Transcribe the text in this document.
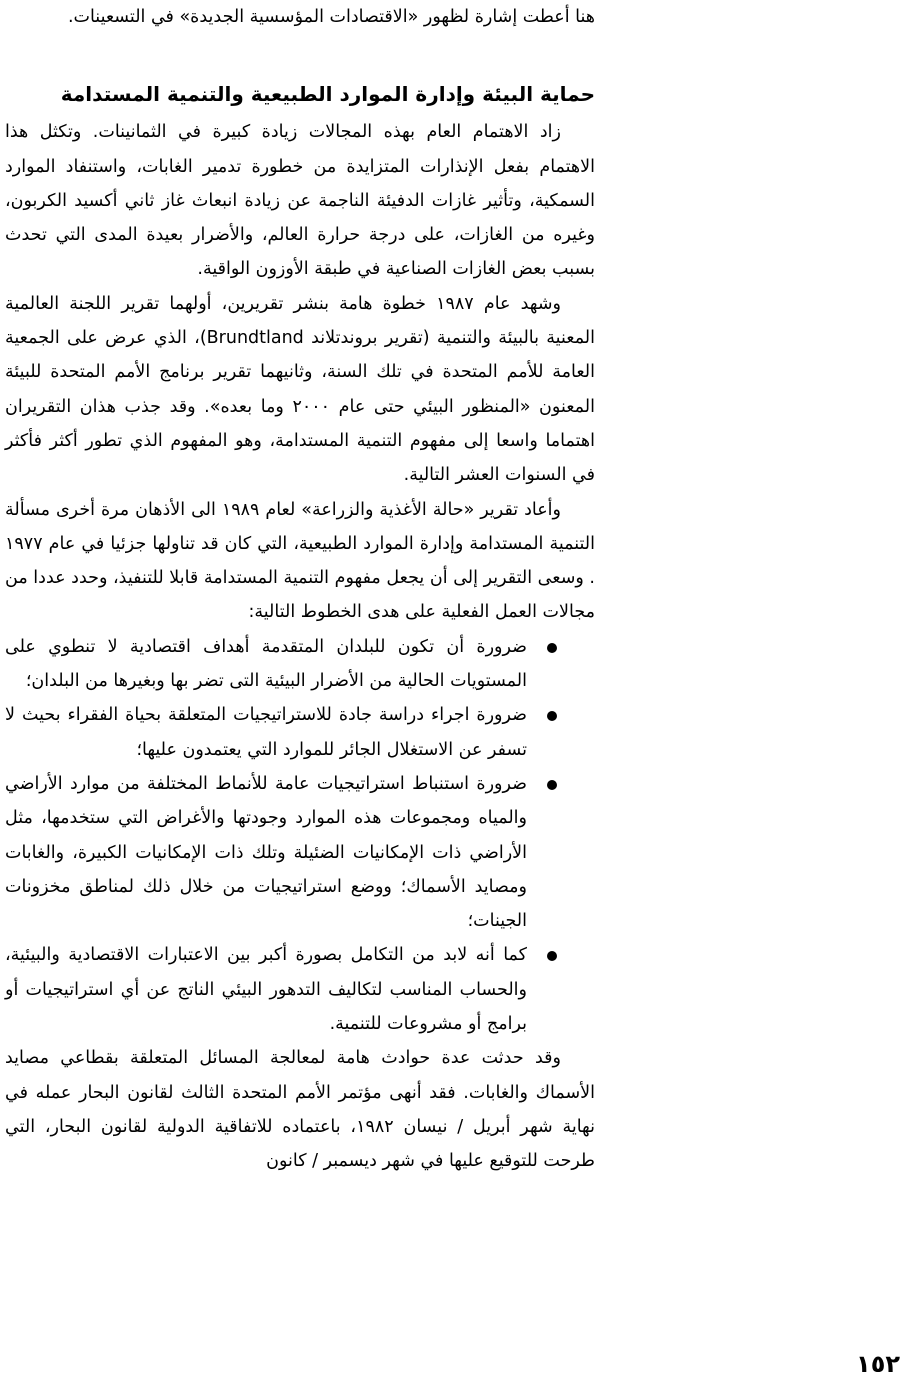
هنا أعطت إشارة لظهور «الاقتصادات المؤسسية الجديدة» في التسعينات.

حماية البيئة وإدارة الموارد الطبيعية والتنمية المستدامة

زاد الاهتمام العام بهذه المجالات زيادة كبيرة في الثمانينات. وتكثل هذا الاهتمام بفعل الإنذارات المتزايدة من خطورة تدمير الغابات، واستنفاد الموارد السمكية، وتأثير غازات الدفيئة الناجمة عن زيادة انبعاث غاز ثاني أكسيد الكربون، وغيره من الغازات، على درجة حرارة العالم، والأضرار بعيدة المدى التي تحدث بسبب بعض الغازات الصناعية في طبقة الأوزون الواقية.

وشهد عام ١٩٨٧ خطوة هامة بنشر تقريرين، أولهما تقرير اللجنة العالمية المعنية بالبيئة والتنمية (تقرير بروندتلاند Brundtland)، الذي عرض على الجمعية العامة للأمم المتحدة في تلك السنة، وثانيهما تقرير برنامج الأمم المتحدة للبيئة المعنون «المنظور البيئي حتى عام ٢٠٠٠ وما بعده». وقد جذب هذان التقريران اهتماما واسعا إلى مفهوم التنمية المستدامة، وهو المفهوم الذي تطور أكثر فأكثر في السنوات العشر التالية.

وأعاد تقرير «حالة الأغذية والزراعة» لعام ١٩٨٩ الى الأذهان مرة أخرى مسألة التنمية المستدامة وإدارة الموارد الطبيعية، التي كان قد تناولها جزئيا في عام ١٩٧٧ . وسعى التقرير إلى أن يجعل مفهوم التنمية المستدامة قابلا للتنفيذ، وحدد عددا من مجالات العمل الفعلية على هدى الخطوط التالية:

ضرورة أن تكون للبلدان المتقدمة أهداف اقتصادية لا تنطوي على المستويات الحالية من الأضرار البيئية التى تضر بها وبغيرها من البلدان؛
ضرورة اجراء دراسة جادة للاستراتيجيات المتعلقة بحياة الفقراء بحيث لا تسفر عن الاستغلال الجائر للموارد التي يعتمدون عليها؛
ضرورة استنباط استراتيجيات عامة للأنماط المختلفة من موارد الأراضي والمياه ومجموعات هذه الموارد وجودتها والأغراض التي ستخدمها، مثل الأراضي ذات الإمكانيات الضئيلة وتلك ذات الإمكانيات الكبيرة، والغابات ومصايد الأسماك؛ ووضع استراتيجيات من خلال ذلك لمناطق مخزونات الجينات؛
كما أنه لابد من التكامل بصورة أكبر بين الاعتبارات الاقتصادية والبيئية، والحساب المناسب لتكاليف التدهور البيئي الناتج عن أي استراتيجيات أو برامج أو مشروعات للتنمية.

وقد حدثت عدة حوادث هامة لمعالجة المسائل المتعلقة بقطاعي مصايد الأسماك والغابات. فقد أنهى مؤتمر الأمم المتحدة الثالث لقانون البحار عمله في نهاية شهر أبريل / نيسان ١٩٨٢، باعتماده للاتفاقية الدولية لقانون البحار، التي طرحت للتوقيع عليها في شهر ديسمبر / كانون

١٥٢
